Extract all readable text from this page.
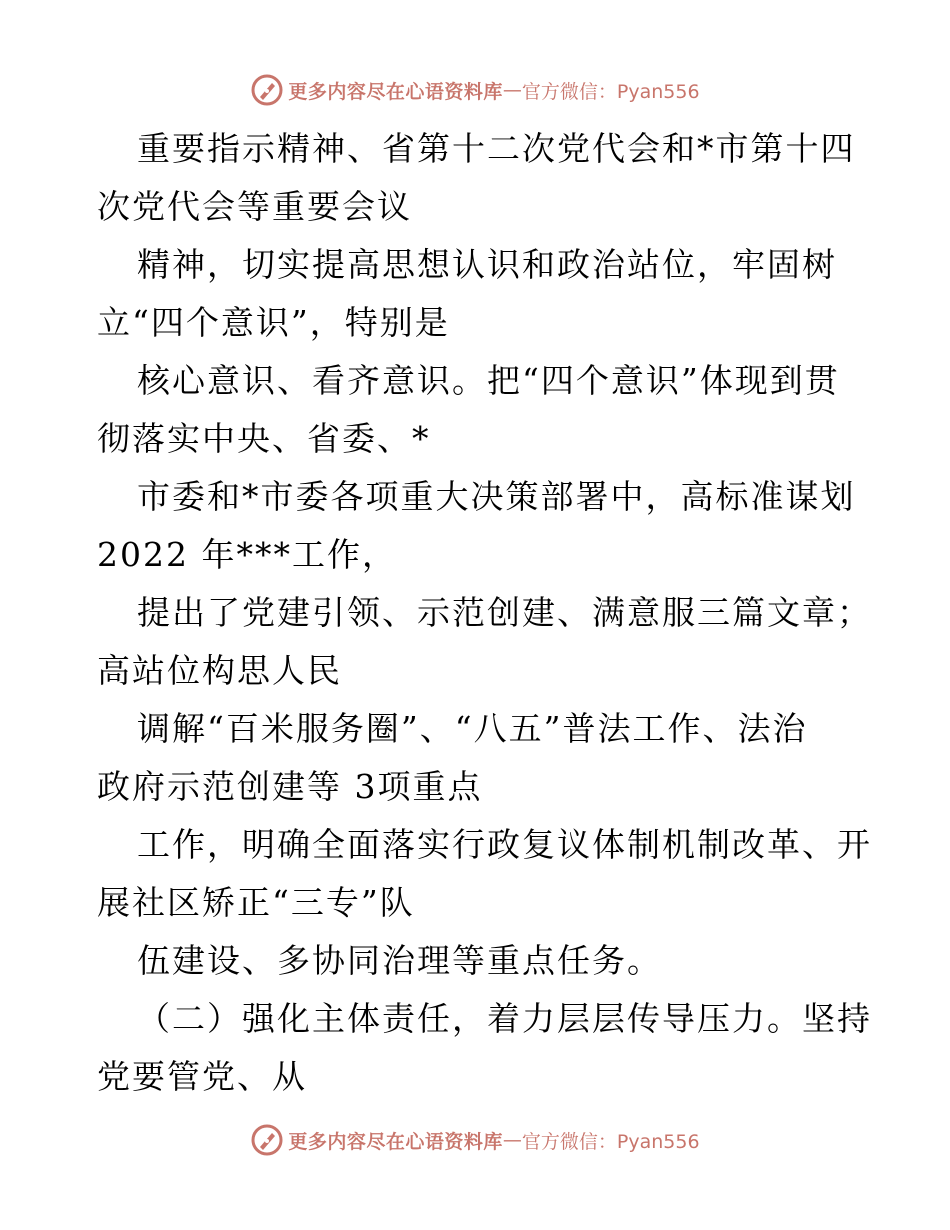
更多内容尽在心语资料库 — 官方微信：Pyan556
重要指示精神、省第十二次党代会和*市第十四
次党代会等重要会议
精神，切实提高思想认识和政治站位，牢固树
立“四个意识”，特别是
核心意识、看齐意识。把“四个意识”体现到贯
彻落实中央、省委、*
市委和*市委各项重大决策部署中，高标准谋划
2022 年***工作，
提出了党建引领、示范创建、满意服三篇文章；
高站位构思人民
调解“百米服务圈”、“八五”普法工作、法治
政府示范创建等 3项重点
工作，明确全面落实行政复议体制机制改革、开
展社区矫正“三专”队
伍建设、多协同治理等重点任务。
（二）强化主体责任，着力层层传导压力。坚持
党要管党、从
更多内容尽在心语资料库 — 官方微信：Pyan556
